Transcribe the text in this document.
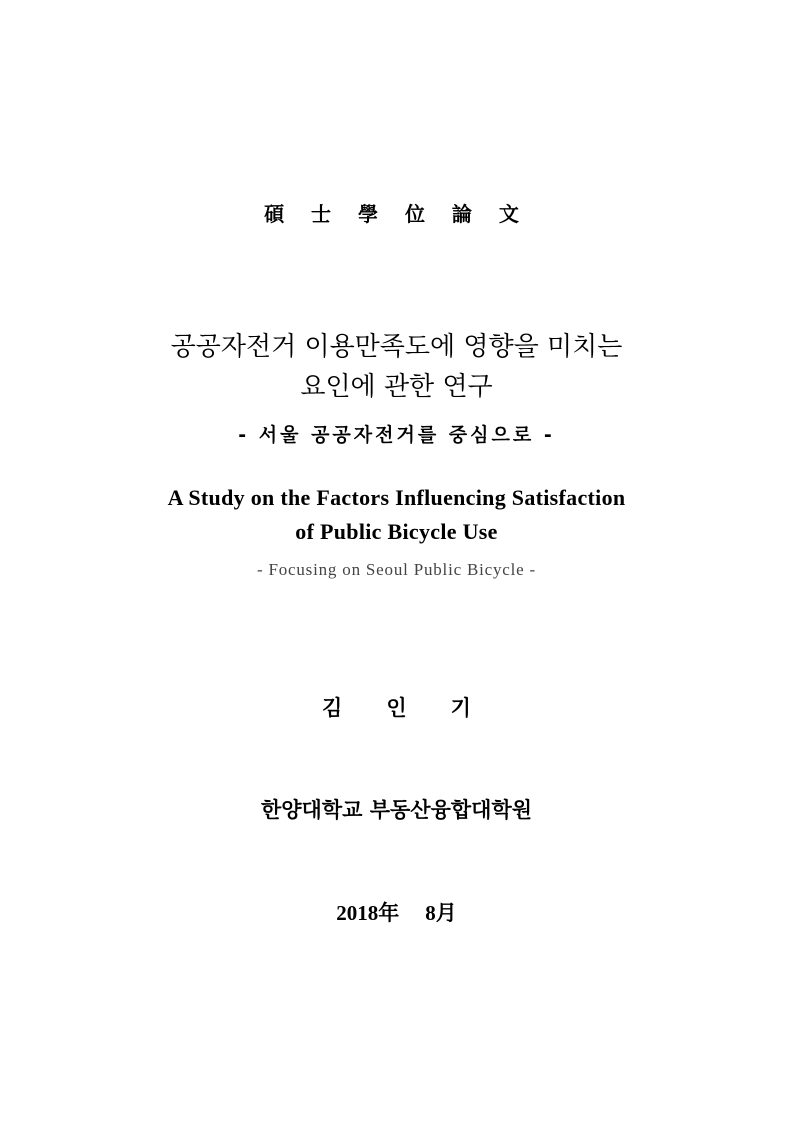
碩 士 學 位 論 文
공공자전거 이용만족도에 영향을 미치는
요인에 관한 연구
- 서울 공공자전거를 중심으로 -
A Study on the Factors Influencing Satisfaction
of Public Bicycle Use
- Focusing on Seoul Public Bicycle -
김 인 기
한양대학교 부동산융합대학원
2018年 8月
